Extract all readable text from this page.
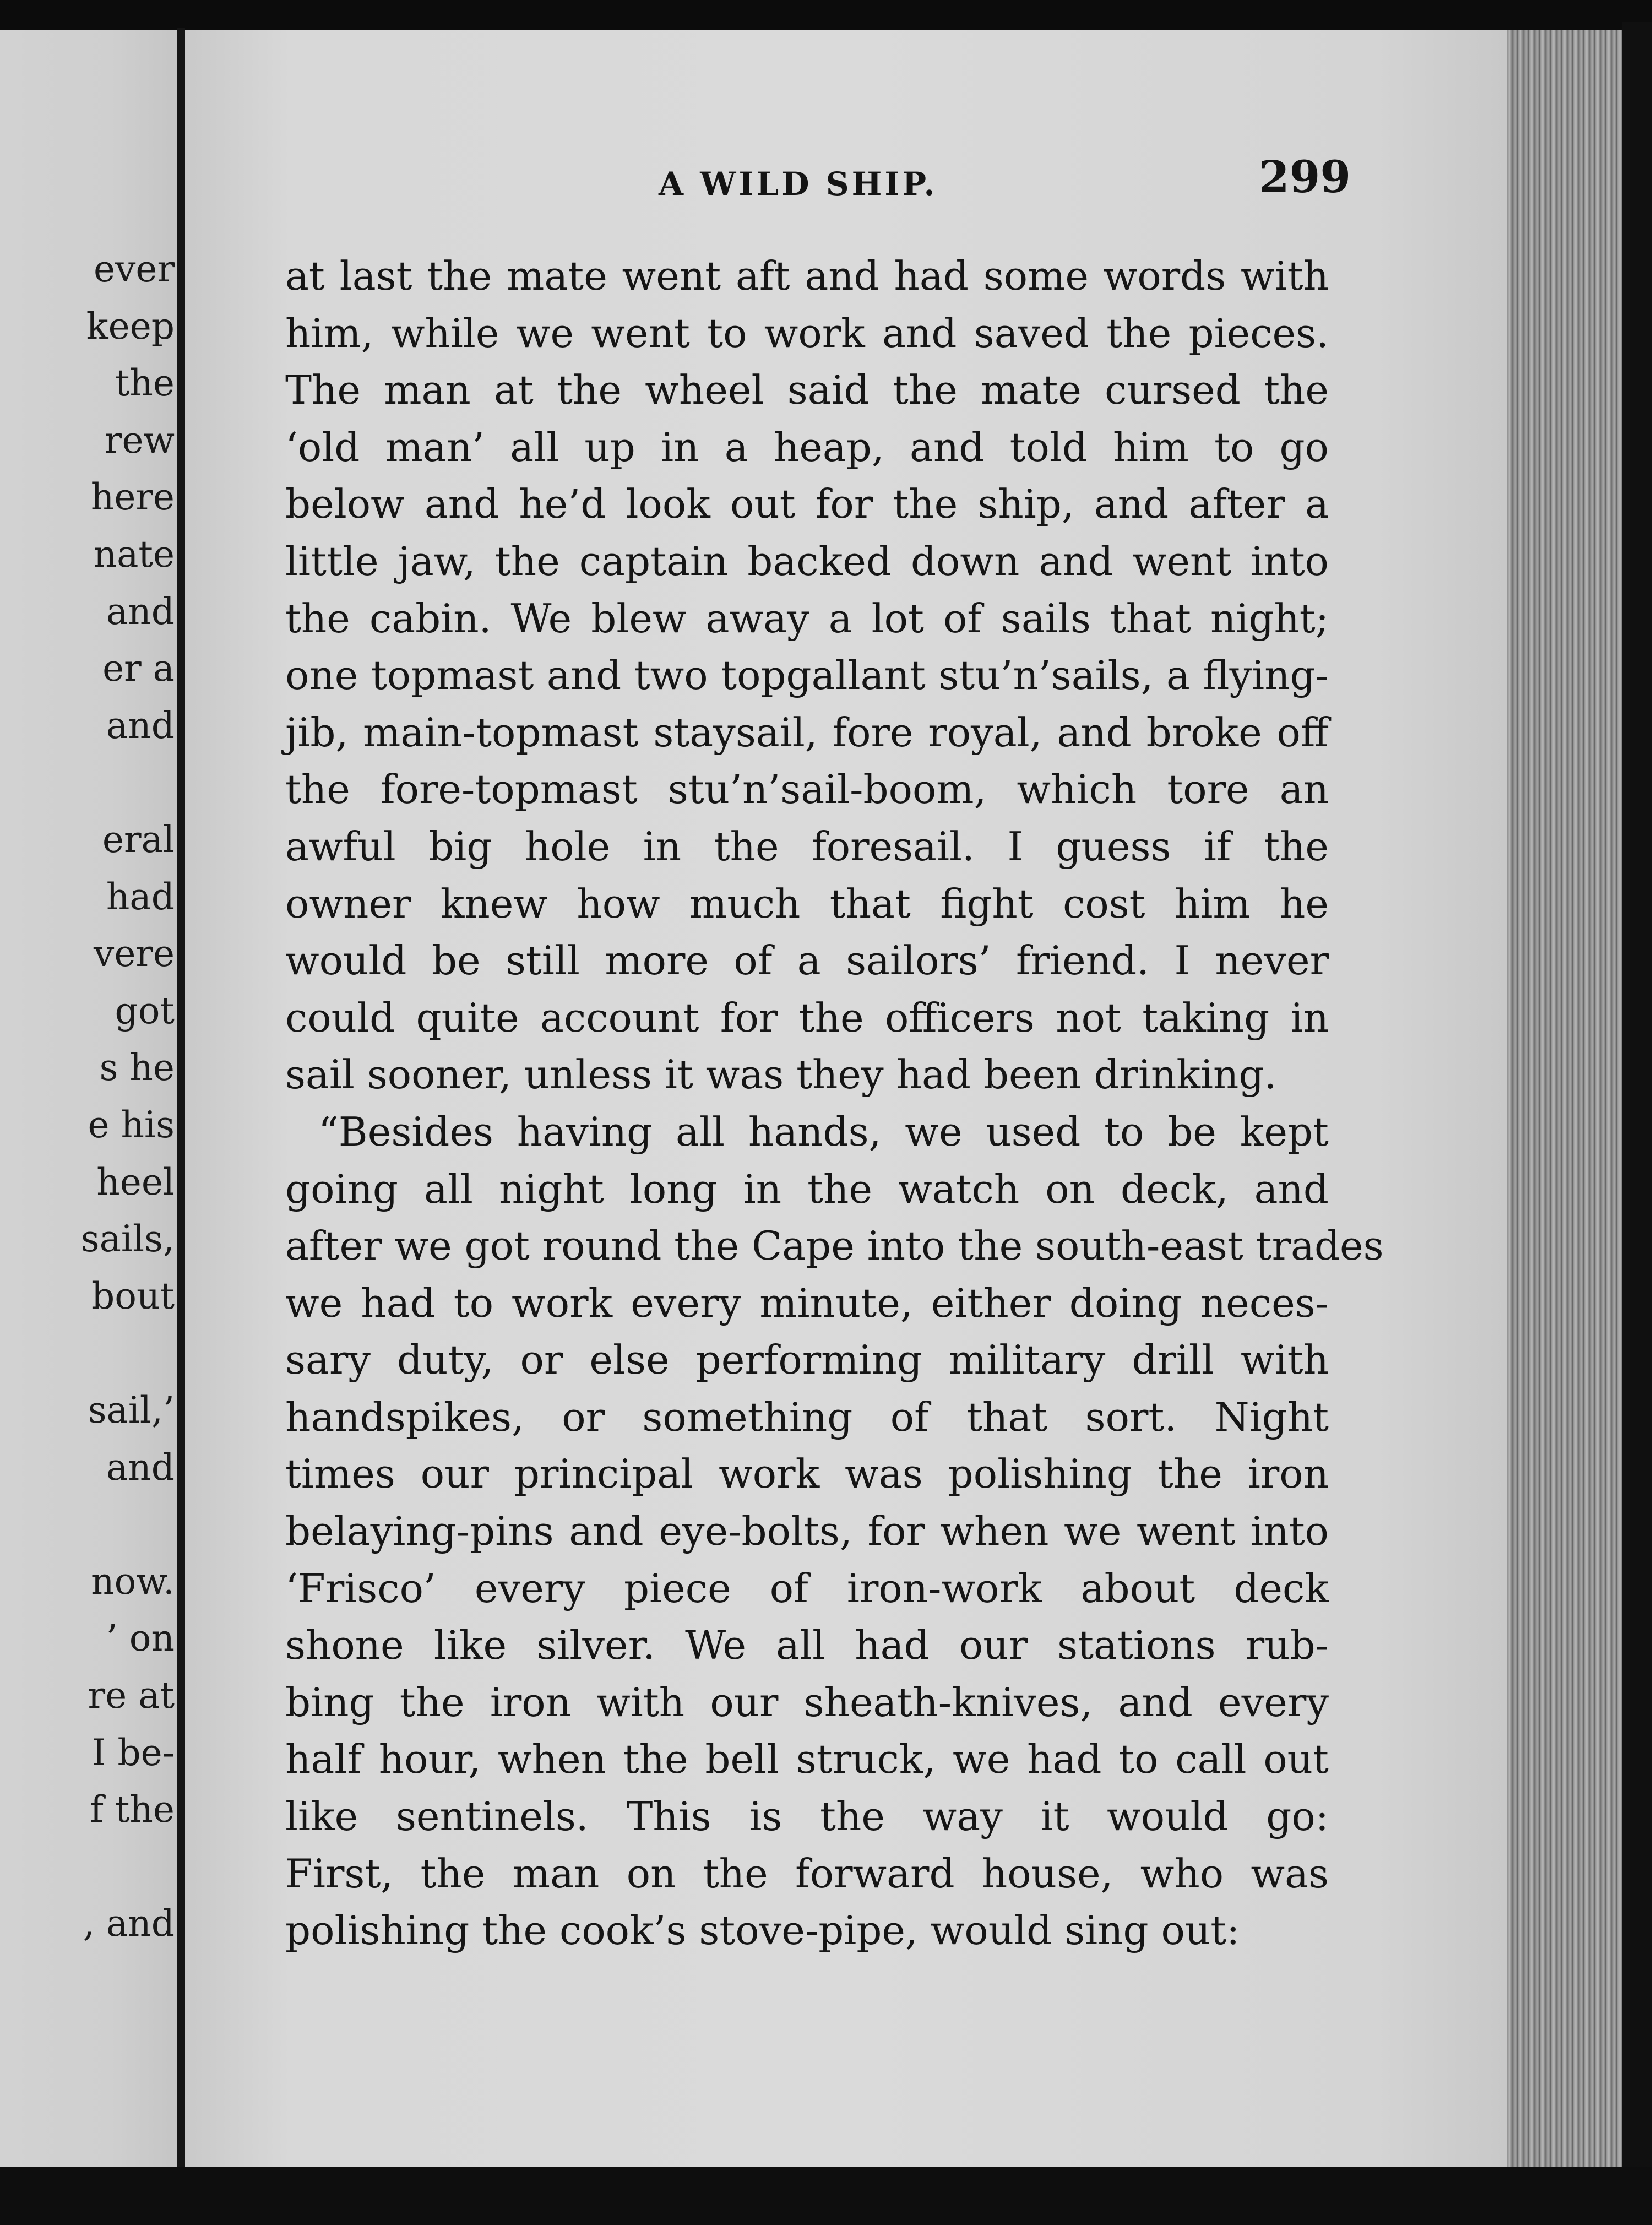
ever
keep
the
rew
here
nate
and
er a
and
eral
had
vere
got
s he
e his
heel
sails,
bout
sail,’
and
now.
’ on
re at
I be-
f the
, and
A WILD SHIP.	299
at last the mate went aft and had some words with
him, while we went to work and saved the pieces.
The man at the wheel said the mate cursed the
‘old man’ all up in a heap, and told him to go
below and he’d look out for the ship, and after a
little jaw, the captain backed down and went into
the cabin. We blew away a lot of sails that night;
one topmast and two topgallant stu’n’sails, a flying-
jib, main-topmast staysail, fore royal, and broke off
the fore-topmast stu’n’sail-boom, which tore an
awful big hole in the foresail. I guess if the
owner knew how much that fight cost him he
would be still more of a sailors’ friend. I never
could quite account for the officers not taking in
sail sooner, unless it was they had been drinking.
“Besides having all hands, we used to be kept
going all night long in the watch on deck, and
after we got round the Cape into the south-east trades
we had to work every minute, either doing neces-
sary duty, or else performing military drill with
handspikes, or something of that sort. Night
times our principal work was polishing the iron
belaying-pins and eye-bolts, for when we went into
‘Frisco’ every piece of iron-work about deck
shone like silver. We all had our stations rub-
bing the iron with our sheath-knives, and every
half hour, when the bell struck, we had to call out
like sentinels. This is the way it would go:
First, the man on the forward house, who was
polishing the cook’s stove-pipe, would sing out:
